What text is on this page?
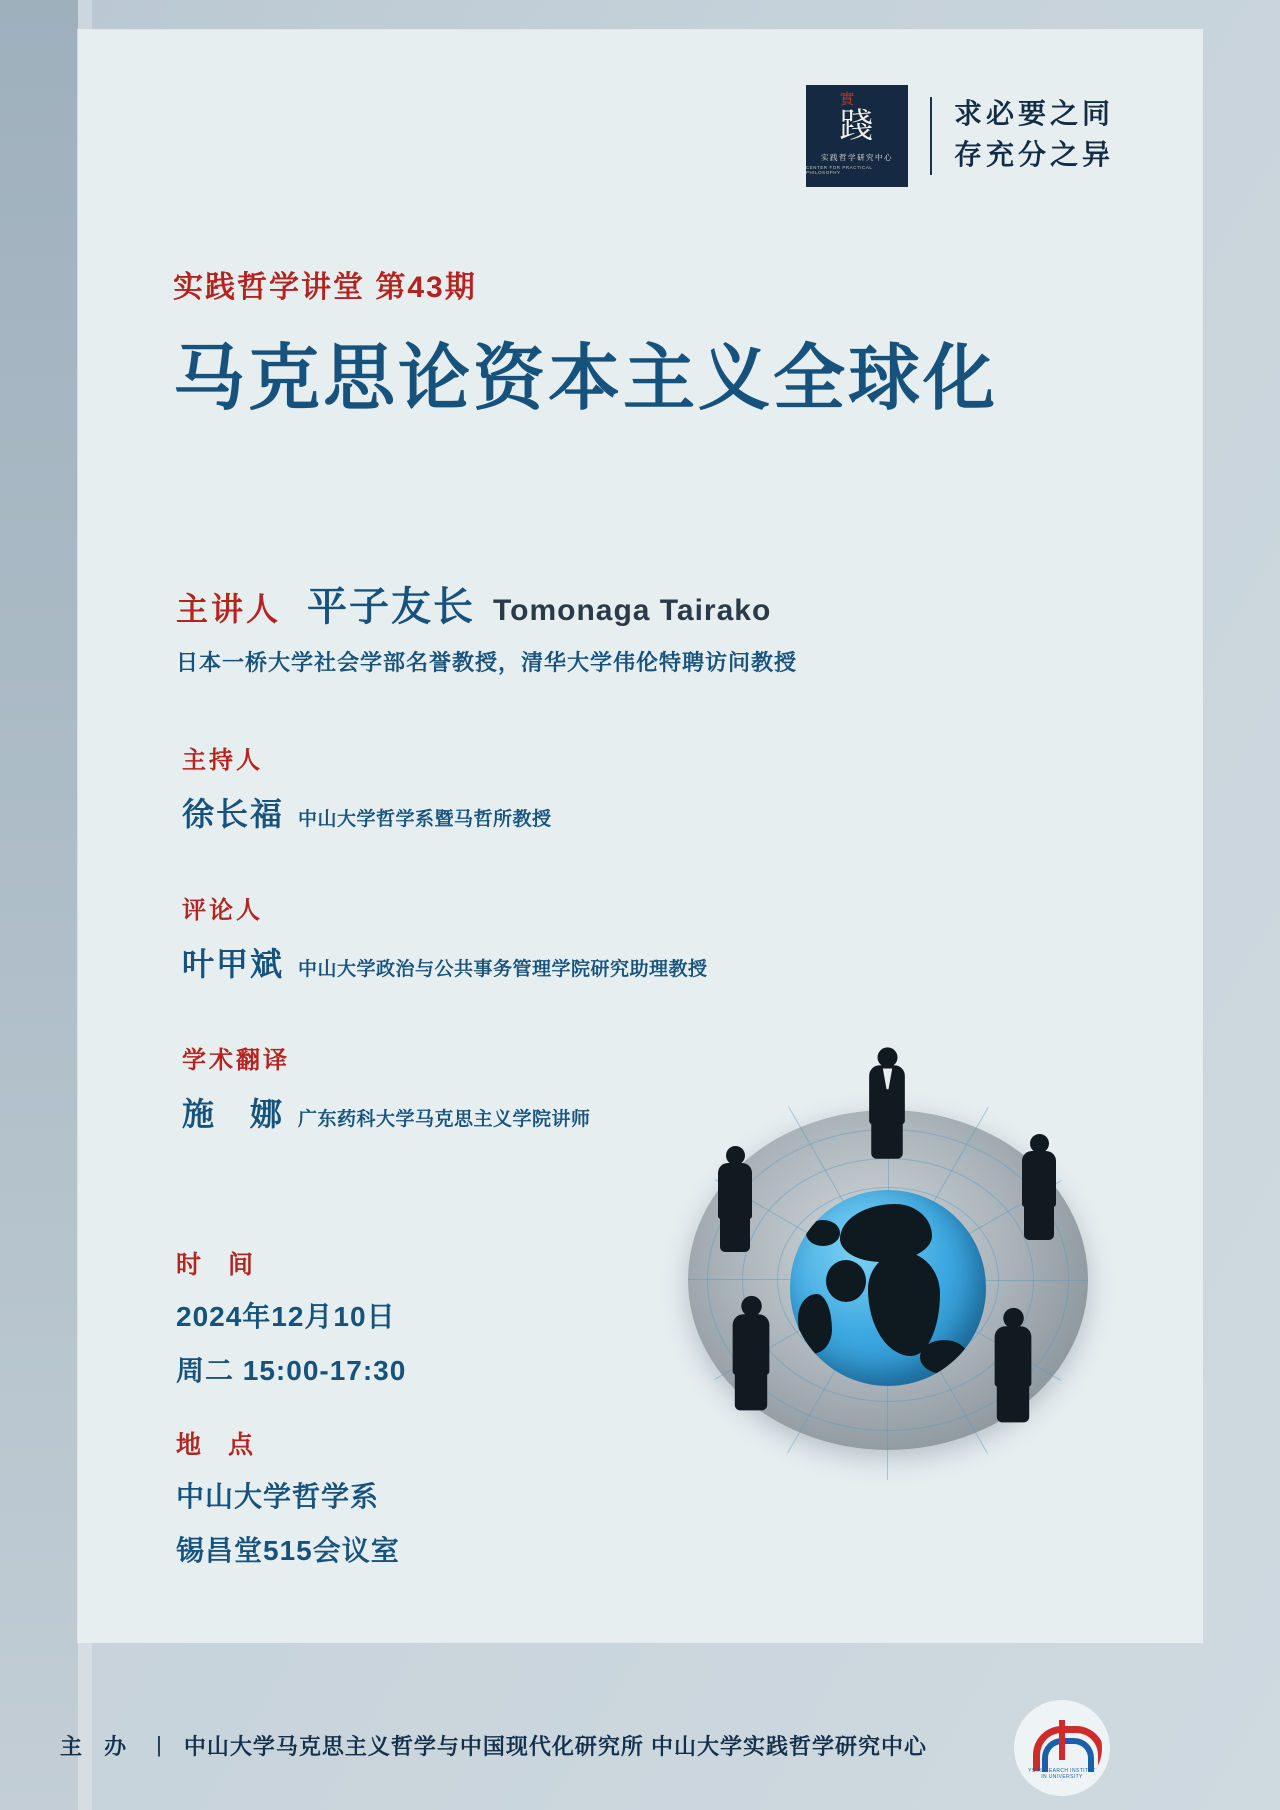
實
踐
实践哲学研究中心
CENTER FOR PRACTICAL PHILOSOPHY
求必要之同
存充分之异
实践哲学讲堂 第43期
马克思论资本主义全球化
主讲人 平子友长 Tomonaga Tairako
日本一桥大学社会学部名誉教授，清华大学伟伦特聘访问教授
主持人
徐长福 中山大学哲学系暨马哲所教授
评论人
叶甲斌 中山大学政治与公共事务管理学院研究助理教授
学术翻译
施　娜 广东药科大学马克思主义学院讲师
时 间
2024年12月10日
周二 15:00-17:30
地 点
中山大学哲学系
锡昌堂515会议室
主 办 | 中山大学马克思主义哲学与中国现代化研究所 中山大学实践哲学研究中心
SYS RESEARCH INSTITUTE IN UNIVERSITY
